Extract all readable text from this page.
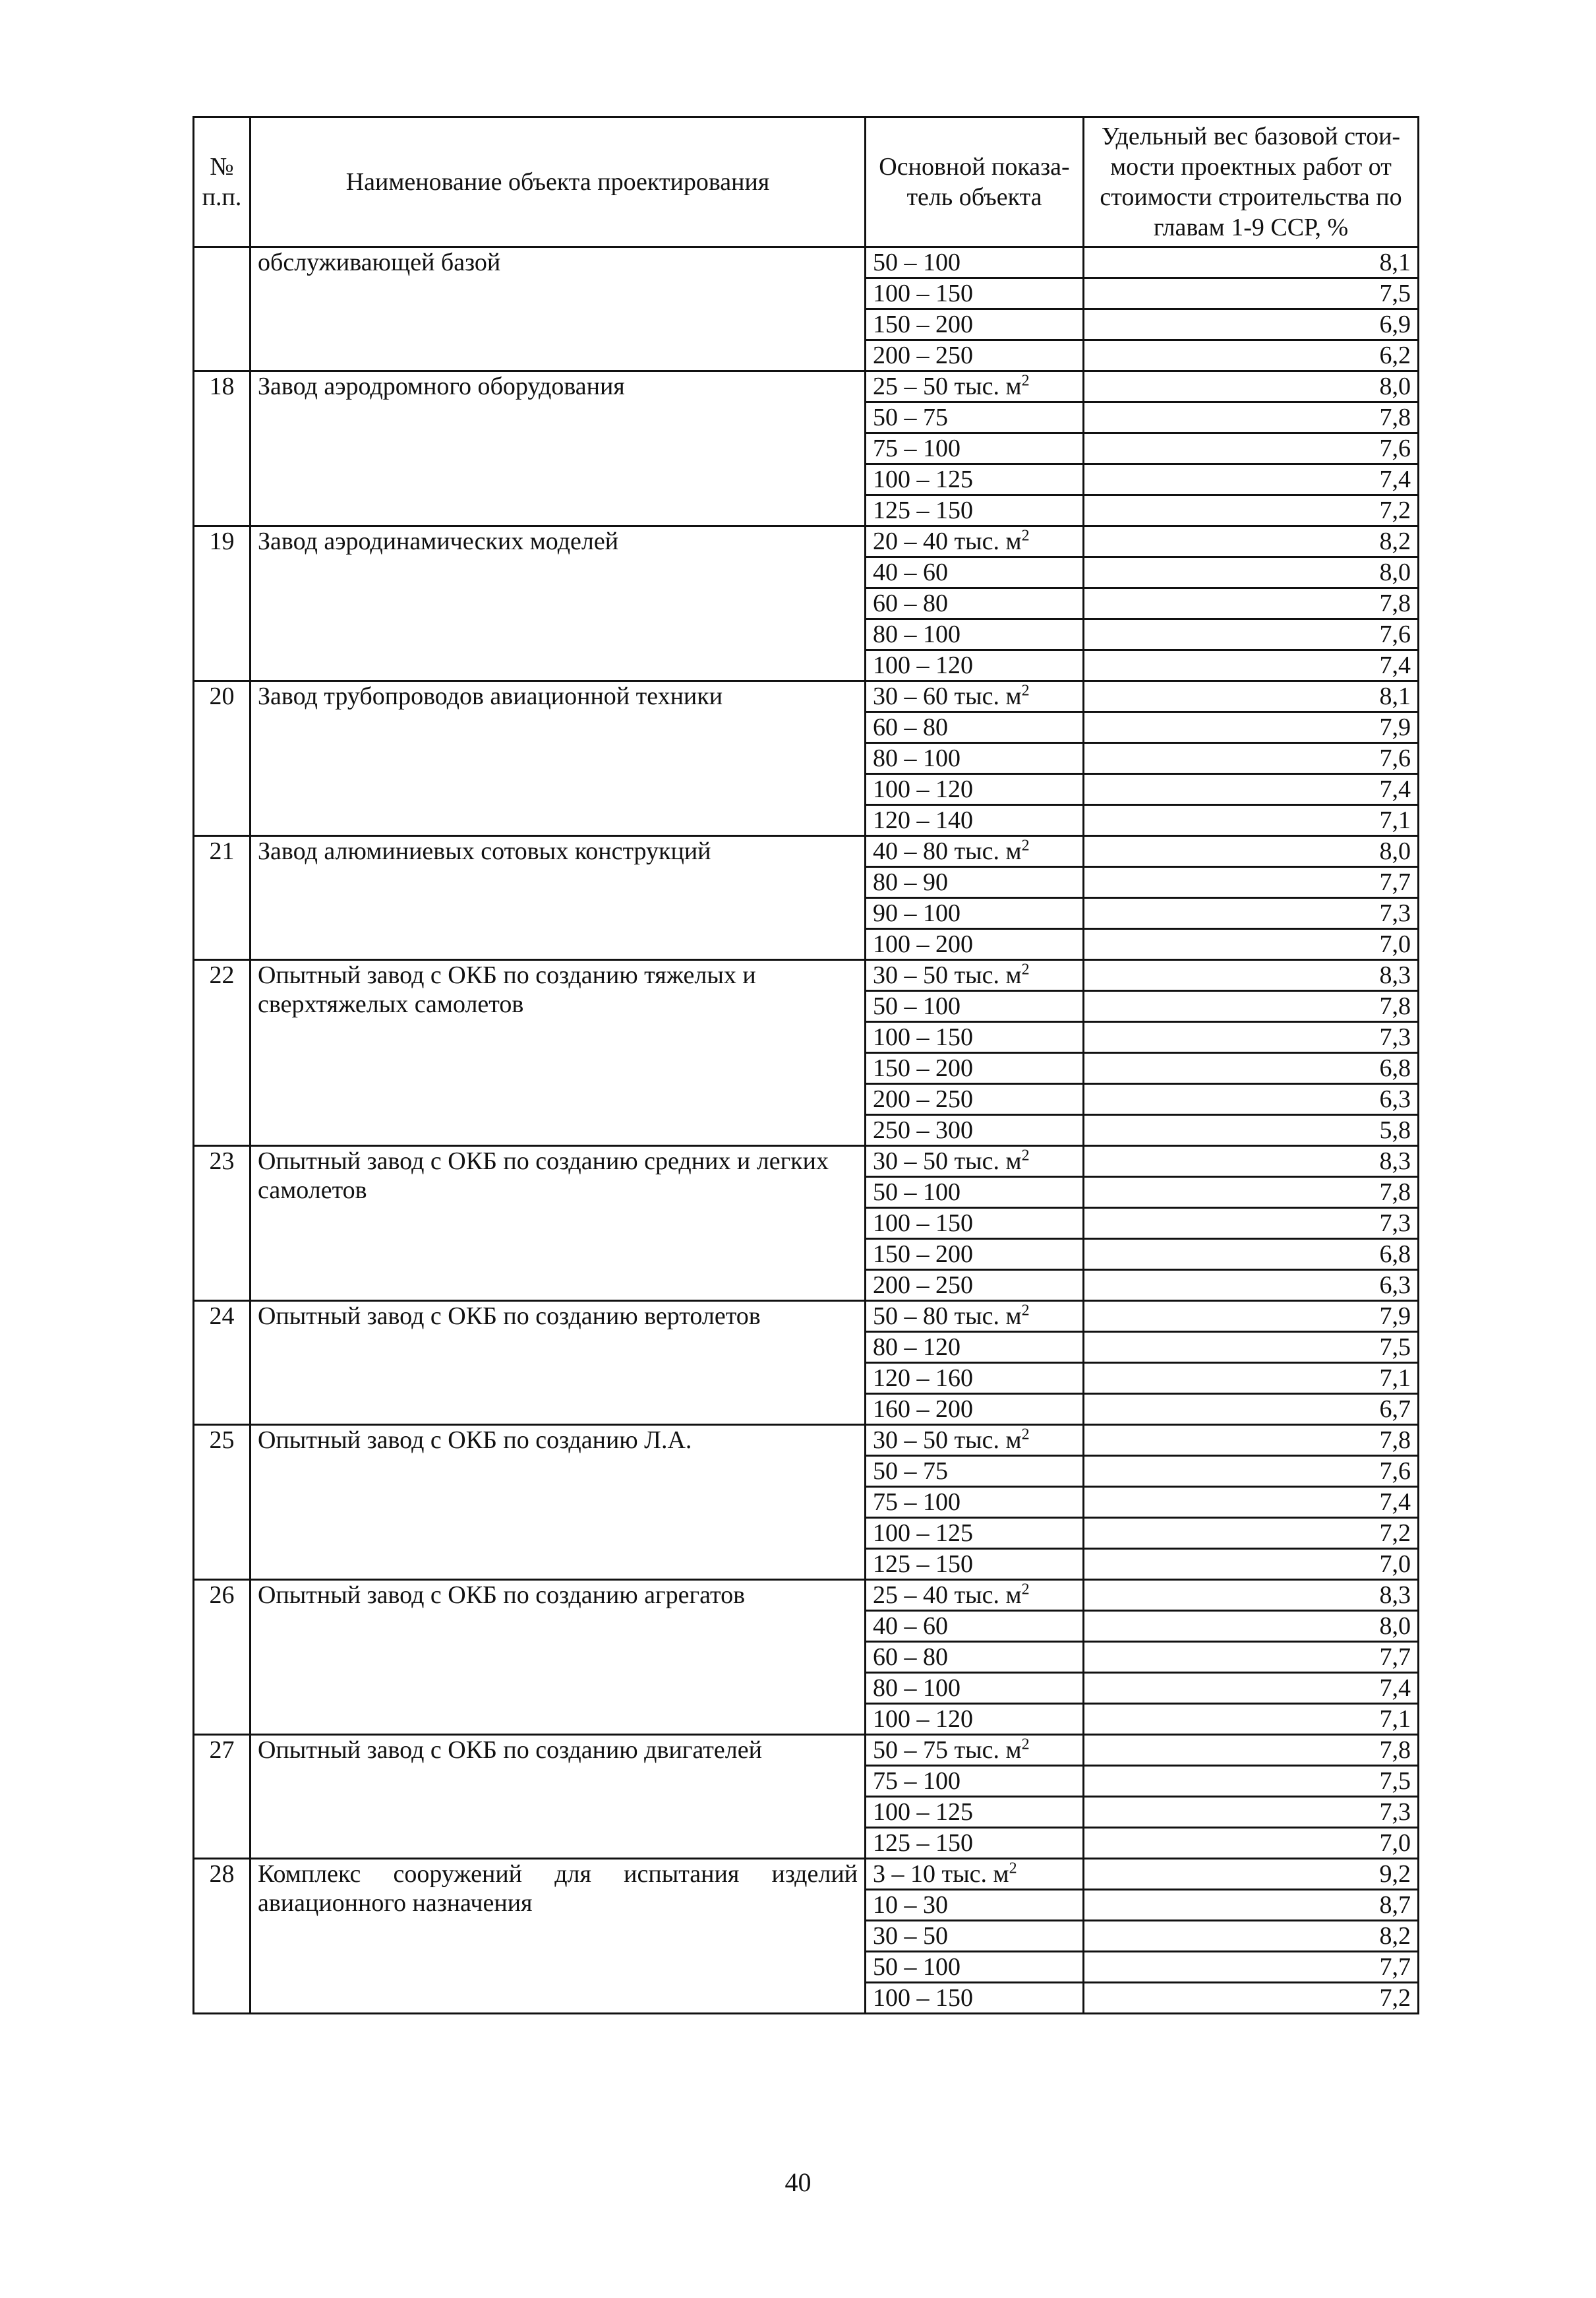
№ п.п.	Наименование объекта проектирования	Основной показа-тель объекта	Удельный вес базовой стои-мости проектных работ от стоимости строительства по главам 1-9 ССР, %
	обслуживающей базой	50 – 100	8,1
		100 – 150	7,5
		150 – 200	6,9
		200 – 250	6,2
18	Завод аэродромного оборудования	25 – 50 тыс. $м^2$	8,0
		50 – 75	7,8
		75 – 100	7,6
		100 – 125	7,4
		125 – 150	7,2
19	Завод аэродинамических моделей	20 – 40 тыс. $м^2$	8,2
		40 – 60	8,0
		60 – 80	7,8
		80 – 100	7,6
		100 – 120	7,4
20	Завод трубопроводов авиационной техники	30 – 60 тыс. $м^2$	8,1
		60 – 80	7,9
		80 – 100	7,6
		100 – 120	7,4
		120 – 140	7,1
21	Завод алюминиевых сотовых конструкций	40 – 80 тыс. $м^2$	8,0
		80 – 90	7,7
		90 – 100	7,3
		100 – 200	7,0
22	Опытный завод с ОКБ по созданию тяжелых и сверхтяжелых самолетов	30 – 50 тыс. $м^2$	8,3
		50 – 100	7,8
		100 – 150	7,3
		150 – 200	6,8
		200 – 250	6,3
		250 – 300	5,8
23	Опытный завод с ОКБ по созданию средних и легких самолетов	30 – 50 тыс. $м^2$	8,3
		50 – 100	7,8
		100 – 150	7,3
		150 – 200	6,8
		200 – 250	6,3
24	Опытный завод с ОКБ по созданию вертолетов	50 – 80 тыс. $м^2$	7,9
		80 – 120	7,5
		120 – 160	7,1
		160 – 200	6,7
25	Опытный завод с ОКБ по созданию Л.А.	30 – 50 тыс. $м^2$	7,8
		50 – 75	7,6
		75 – 100	7,4
		100 – 125	7,2
		125 – 150	7,0
26	Опытный завод с ОКБ по созданию агрегатов	25 – 40 тыс. $м^2$	8,3
		40 – 60	8,0
		60 – 80	7,7
		80 – 100	7,4
		100 – 120	7,1
27	Опытный завод с ОКБ по созданию двигателей	50 – 75 тыс. $м^2$	7,8
		75 – 100	7,5
		100 – 125	7,3
		125 – 150	7,0
28	Комплекс сооружений для испытания изделий авиационного назначения	3 – 10 тыс. $м^2$	9,2
		10 – 30	8,7
		30 – 50	8,2
		50 – 100	7,7
		100 – 150	7,2
40
